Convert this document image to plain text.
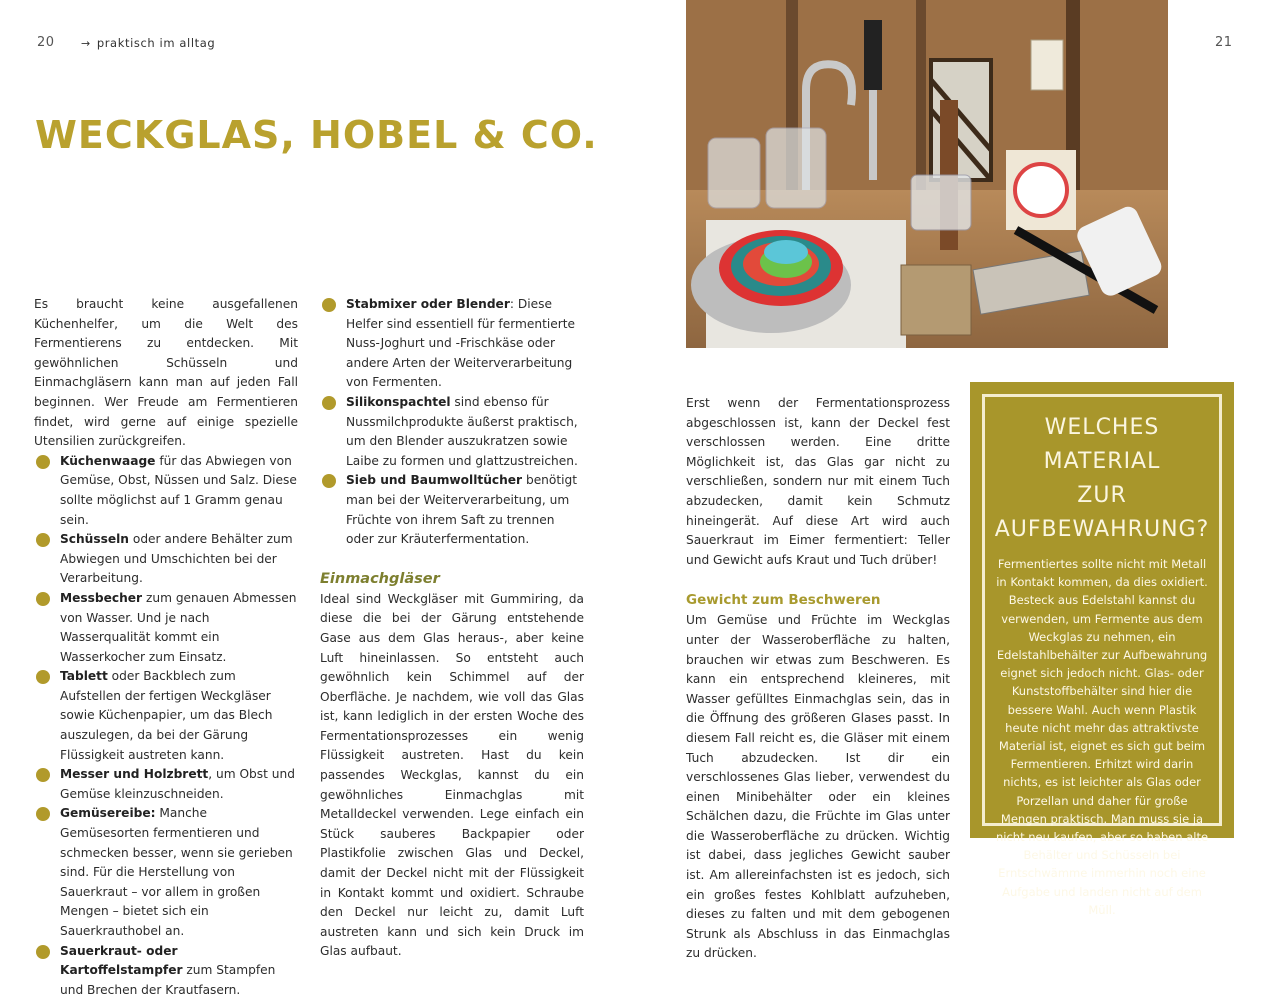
20 → praktisch im alltag
WECKGLAS, HOBEL & CO.

Es braucht keine ausgefallenen Küchenhelfer, um die Welt des Fermentierens zu entdecken. Mit gewöhnlichen Schüsseln und Einmachgläsern kann man auf jeden Fall beginnen. Wer Freude am Fermentieren findet, wird gerne auf einige spezielle Utensilien zurückgreifen.

Küchenwaage für das Abwiegen von Gemüse, Obst, Nüssen und Salz. Diese sollte möglichst auf 1 Gramm genau sein.
Schüsseln oder andere Behälter zum Abwiegen und Umschichten bei der Verarbeitung.
Messbecher zum genauen Abmessen von Wasser. Und je nach Wasserqualität kommt ein Wasserkocher zum Einsatz.
Tablett oder Backblech zum Aufstellen der fertigen Weckgläser sowie Küchenpapier, um das Blech auszulegen, da bei der Gärung Flüssigkeit austreten kann.
Messer und Holzbrett, um Obst und Gemüse kleinzuschneiden.
Gemüsereibe: Manche Gemüsesorten fermentieren und schmecken besser, wenn sie gerieben sind. Für die Herstellung von Sauerkraut – vor allem in großen Mengen – bietet sich ein Sauerkrauthobel an.
Sauerkraut- oder Kartoffelstampfer zum Stampfen und Brechen der Krautfasern.
Stabmixer oder Blender: Diese Helfer sind essentiell für fermentierte Nuss-Joghurt und -Frischkäse oder andere Arten der Weiterverarbeitung von Fermenten.
Silikonspachtel sind ebenso für Nussmilchprodukte äußerst praktisch, um den Blender auszukratzen sowie Laibe zu formen und glattzustreichen.
Sieb und Baumwolltücher benötigt man bei der Weiterverarbeitung, um Früchte von ihrem Saft zu trennen oder zur Kräuterfermentation.
Einmachgläser

Ideal sind Weckgläser mit Gummiring, da diese die bei der Gärung entstehende Gase aus dem Glas heraus-, aber keine Luft hineinlassen. So entsteht auch gewöhnlich kein Schimmel auf der Oberfläche. Je nachdem, wie voll das Glas ist, kann lediglich in der ersten Woche des Fermentationsprozesses ein wenig Flüssigkeit austreten. Hast du kein passendes Weckglas, kannst du ein gewöhnliches Einmachglas mit Metalldeckel verwenden. Lege einfach ein Stück sauberes Backpapier oder Plastikfolie zwischen Glas und Deckel, damit der Deckel nicht mit der Flüssigkeit in Kontakt kommt und oxidiert. Schraube den Deckel nur leicht zu, damit Luft austreten kann und sich kein Druck im Glas aufbaut.

21

Erst wenn der Fermentationsprozess abgeschlossen ist, kann der Deckel fest verschlossen werden. Eine dritte Möglichkeit ist, das Glas gar nicht zu verschließen, sondern nur mit einem Tuch abzudecken, damit kein Schmutz hineingerät. Auf diese Art wird auch Sauerkraut im Eimer fermentiert: Teller und Gewicht aufs Kraut und Tuch drüber!

Gewicht zum Beschweren

Um Gemüse und Früchte im Weckglas unter der Wasseroberfläche zu halten, brauchen wir etwas zum Beschweren. Es kann ein entsprechend kleineres, mit Wasser gefülltes Einmachglas sein, das in die Öffnung des größeren Glases passt. In diesem Fall reicht es, die Gläser mit einem Tuch abzudecken. Ist dir ein verschlossenes Glas lieber, verwendest du einen Minibehälter oder ein kleines Schälchen dazu, die Früchte im Glas unter die Wasseroberfläche zu drücken. Wichtig ist dabei, dass jegliches Gewicht sauber ist. Am allereinfachsten ist es jedoch, sich ein großes festes Kohlblatt aufzuheben, dieses zu falten und mit dem gebogenen Strunk als Abschluss in das Einmachglas zu drücken.

WELCHES MATERIAL
ZUR AUFBEWAHRUNG?

Fermentiertes sollte nicht mit Metall in Kontakt kommen, da dies oxidiert. Besteck aus Edelstahl kannst du verwenden, um Fermente aus dem Weckglas zu nehmen, ein Edelstahlbehälter zur Aufbewahrung eignet sich jedoch nicht. Glas- oder Kunststoffbehälter sind hier die bessere Wahl. Auch wenn Plastik heute nicht mehr das attraktivste Material ist, eignet es sich gut beim Fermentieren. Erhitzt wird darin nichts, es ist leichter als Glas oder Porzellan und daher für große Mengen praktisch. Man muss sie ja nicht neu kaufen, aber so haben alte Behälter und Schüsseln bei Erntschwämme immerhin noch eine Aufgabe und landen nicht auf dem Müll.
